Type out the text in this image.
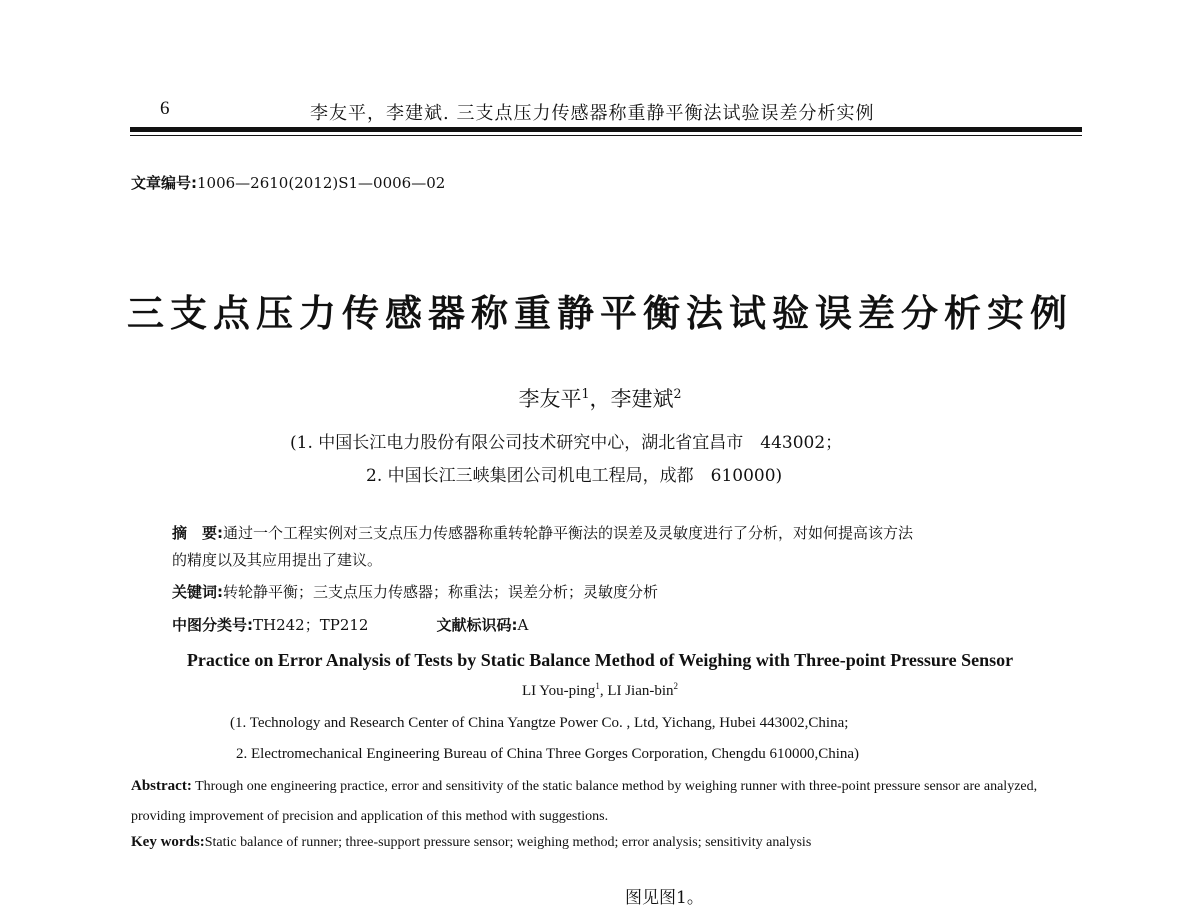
6	李友平，李建斌. 三支点压力传感器称重静平衡法试验误差分析实例
文章编号:1006—2610(2012)S1—0006—02
三支点压力传感器称重静平衡法试验误差分析实例
李友平$^1$，李建斌$^2$
(1. 中国长江电力股份有限公司技术研究中心，湖北省宜昌市　443002；
2. 中国长江三峡集团公司机电工程局，成都　610000)
摘　要:通过一个工程实例对三支点压力传感器称重转轮静平衡法的误差及灵敏度进行了分析，对如何提高该方法
的精度以及其应用提出了建议。
关键词:转轮静平衡；三支点压力传感器；称重法；误差分析；灵敏度分析
中图分类号:TH242；TP212	文献标识码:A
Practice on Error Analysis of Tests by Static Balance Method of Weighing with Three-point Pressure Sensor
LI You-ping$^1$, LI Jian-bin$^2$
(1. Technology and Research Center of China Yangtze Power Co. , Ltd, Yichang, Hubei 443002,China;
2. Electromechanical Engineering Bureau of China Three Gorges Corporation, Chengdu 610000,China)
Abstract: Through one engineering practice, error and sensitivity of the static balance method by weighing runner with three-point pressure sensor are analyzed, providing improvement of precision and application of this method with suggestions.
Key words:Static balance of runner; three-support pressure sensor; weighing method; error analysis; sensitivity analysis
图见图1。
